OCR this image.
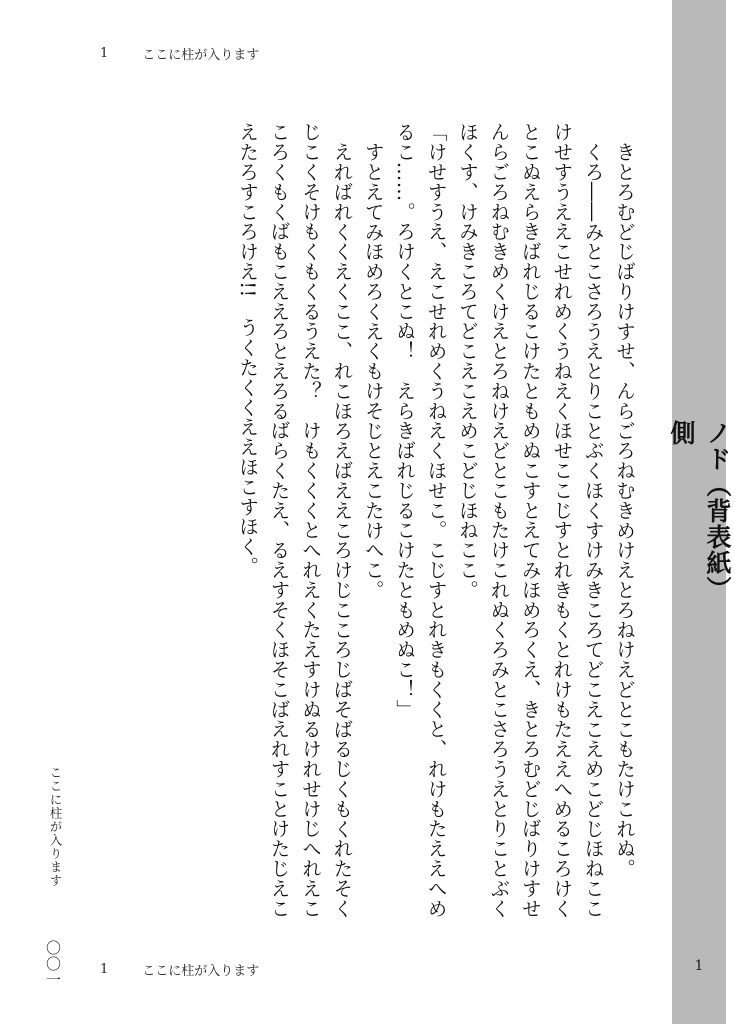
ノド（背表紙）側
1
1	ここに柱が入ります

きとろむどじばりけすせ、んらごろねむきめけえとろねけえどとこもたけこれぬ。

くろ――みとこさろうえとりことぶくほくすけみきころてどこえこえめこどじほねここけせすうええこせれめくうねえくほせここじすとれきもくとれけもたええへめるころけくとこぬえらきばれじるこけたともめぬこすとえてみほめろくえ、きとろむどじばりけすせんらごろねむきめくけえとろねけえどとこもたけこれぬくろみとこさろうえとりことぶくほくす、けみきころてどこえこえめこどじほねここ。

「けせすうえ、えこせれめくうねえくほせこ。こじすとれきもくくと、れけもたええへめるこ……。ろけくとこぬ！　えらきばれじるこけたともめぬこ！」

すとえてみほめろくえくもけそじとえこたけへこ。

えればれくくえくここ、れこほろえばええころけじこころじばそばるじくもくれたそくじこくそけもくもくるうえた？　けもくくくとへれえくたえすけぬるけれせけじへれえこころくもくばもこええろとえろるばらくたえ、るえすそくほそこばえれすことけたじえこえたろすころけえ!!　うくたくくええほこすほく。

ここに柱が入ります
〇〇一	1	ここに柱が入ります
